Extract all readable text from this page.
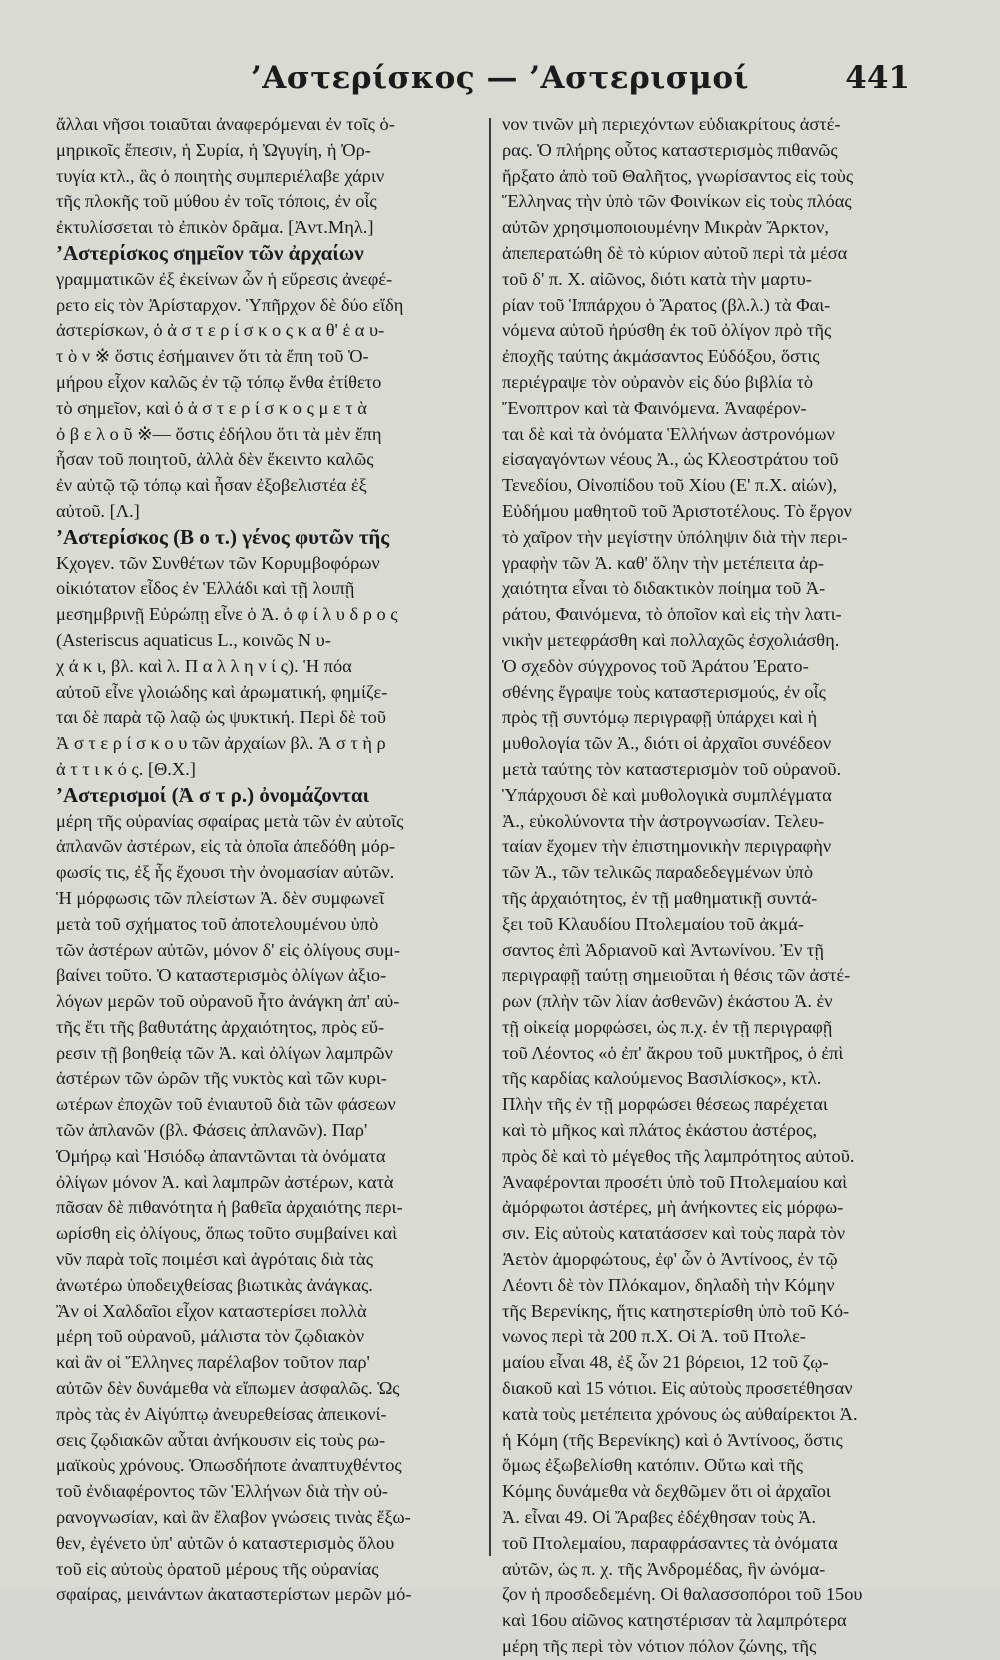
’Αστερίσκος — ’Αστερισμοί	441
ἄλλαι νῆσοι τοιαῦται ἀναφερόμεναι ἐν τοῖς ὁ-
μηρικοῖς ἔπεσιν, ἡ Συρία, ἡ Ὠγυγίη, ἡ Ὀρ-
τυγία κτλ., ἃς ὁ ποιητὴς συμπεριέλαβε χάριν
τῆς πλοκῆς τοῦ μύθου ἐν τοῖς τόποις, ἐν οἷς
ἐκτυλίσσεται τὸ ἐπικὸν δρᾶμα. [Ἀντ.Μηλ.]
’Αστερίσκος σημεῖον τῶν ἀρχαίων
γραμματικῶν ἐξ ἐκείνων ὧν ἡ εὕρεσις ἀνεφέ-
ρετο εἰς τὸν Ἀρίσταρχον. Ὑπῆρχον δὲ δύο εἴδη
ἀστερίσκων, ὁ ἀ σ τ ε ρ ί σ κ ο ς κ α θ' ἑ α υ-
τ ὸ ν ※ ὅστις ἐσήμαινεν ὅτι τὰ ἔπη τοῦ Ὁ-
μήρου εἶχον καλῶς ἐν τῷ τόπῳ ἔνθα ἐτίθετο
τὸ σημεῖον, καὶ ὁ ἀ σ τ ε ρ ί σ κ ο ς μ ε τ ὰ
ὀ β ε λ ο ῦ ※— ὅστις ἐδήλου ὅτι τὰ μὲν ἔπη
ἦσαν τοῦ ποιητοῦ, ἀλλὰ δὲν ἔκειντο καλῶς
ἐν αὐτῷ τῷ τόπῳ καὶ ἦσαν ἐξοβελιστέα ἐξ
αὐτοῦ. [Λ.]
’Αστερίσκος (Β ο τ.) γένος φυτῶν τῆς
Κχογεν. τῶν Συνθέτων τῶν Κορυμβοφόρων
οἰκιότατον εἶδος ἐν Ἑλλάδι καὶ τῇ λοιπῇ
μεσημβρινῇ Εὐρώπῃ εἶνε ὁ Ἀ. ὁ φ ί λ υ δ ρ ο ς
(Asteriscus aquaticus L., κοινῶς Ν υ-
χ ά κ ι, βλ. καὶ λ. Π α λ λ η ν ί ς). Ἡ πόα
αὐτοῦ εἶνε γλοιώδης καὶ ἀρωματική, φημίζε-
ται δὲ παρὰ τῷ λαῷ ὡς ψυκτική. Περὶ δὲ τοῦ
Ἀ σ τ ε ρ ί σ κ ο υ τῶν ἀρχαίων βλ. Ἀ σ τ ὴ ρ
ἀ τ τ ι κ ό ς. [Θ.Χ.]
’Αστερισμοί (Ἀ σ τ ρ.) ὀνομάζονται
μέρη τῆς οὐρανίας σφαίρας μετὰ τῶν ἐν αὐτοῖς
ἀπλανῶν ἀστέρων, εἰς τὰ ὁποῖα ἀπεδόθη μόρ-
φωσίς τις, ἐξ ἧς ἔχουσι τὴν ὀνομασίαν αὐτῶν.
Ἡ μόρφωσις τῶν πλείστων Ἀ. δὲν συμφωνεῖ
μετὰ τοῦ σχήματος τοῦ ἀποτελουμένου ὑπὸ
τῶν ἀστέρων αὐτῶν, μόνον δ' εἰς ὀλίγους συμ-
βαίνει τοῦτο. Ὁ καταστερισμὸς ὀλίγων ἀξιο-
λόγων μερῶν τοῦ οὐρανοῦ ἦτο ἀνάγκη ἀπ' αὐ-
τῆς ἔτι τῆς βαθυτάτης ἀρχαιότητος, πρὸς εὔ-
ρεσιν τῇ βοηθείᾳ τῶν Ἀ. καὶ ὀλίγων λαμπρῶν
ἀστέρων τῶν ὡρῶν τῆς νυκτὸς καὶ τῶν κυρι-
ωτέρων ἐποχῶν τοῦ ἐνιαυτοῦ διὰ τῶν φάσεων
τῶν ἀπλανῶν (βλ. Φάσεις ἀπλανῶν). Παρ'
Ὁμήρῳ καὶ Ἡσιόδῳ ἀπαντῶνται τὰ ὀνόματα
ὀλίγων μόνον Ἀ. καὶ λαμπρῶν ἀστέρων, κατὰ
πᾶσαν δὲ πιθανότητα ἡ βαθεῖα ἀρχαιότης περι-
ωρίσθη εἰς ὀλίγους, ὅπως τοῦτο συμβαίνει καὶ
νῦν παρὰ τοῖς ποιμέσι καὶ ἀγρόταις διὰ τὰς
ἀνωτέρω ὑποδειχθείσας βιωτικὰς ἀνάγκας.
Ἂν οἱ Χαλδαῖοι εἶχον καταστερίσει πολλὰ
μέρη τοῦ οὐρανοῦ, μάλιστα τὸν ζῳδιακὸν
καὶ ἂν οἱ Ἕλληνες παρέλαβον τοῦτον παρ'
αὐτῶν δὲν δυνάμεθα νὰ εἴπωμεν ἀσφαλῶς. Ὡς
πρὸς τὰς ἐν Αἰγύπτῳ ἀνευρεθείσας ἀπεικονί-
σεις ζῳδιακῶν αὗται ἀνήκουσιν εἰς τοὺς ρω-
μαϊκοὺς χρόνους. Ὁπωσδήποτε ἀναπτυχθέντος
τοῦ ἐνδιαφέροντος τῶν Ἑλλήνων διὰ τὴν οὐ-
ρανογνωσίαν, καὶ ἂν ἔλαβον γνώσεις τινὰς ἔξω-
θεν, ἐγένετο ὑπ' αὐτῶν ὁ καταστερισμὸς ὅλου
τοῦ εἰς αὐτοὺς ὁρατοῦ μέρους τῆς οὐρανίας
σφαίρας, μεινάντων ἀκαταστερίστων μερῶν μό-
νον τινῶν μὴ περιεχόντων εὐδιακρίτους ἀστέ-
ρας. Ὁ πλήρης οὗτος καταστερισμὸς πιθανῶς
ἤρξατο ἀπὸ τοῦ Θαλῆτος, γνωρίσαντος εἰς τοὺς
Ἕλληνας τὴν ὑπὸ τῶν Φοινίκων εἰς τοὺς πλόας
αὐτῶν χρησιμοποιουμένην Μικρὰν Ἄρκτον,
ἀπεπερατώθη δὲ τὸ κύριον αὐτοῦ περὶ τὰ μέσα
τοῦ δ' π. Χ. αἰῶνος, διότι κατὰ τὴν μαρτυ-
ρίαν τοῦ Ἱππάρχου ὁ Ἄρατος (βλ.λ.) τὰ Φαι-
νόμενα αὐτοῦ ἠρύσθη ἐκ τοῦ ὀλίγον πρὸ τῆς
ἐποχῆς ταύτης ἀκμάσαντος Εὐδόξου, ὅστις
περιέγραψε τὸν οὐρανὸν εἰς δύο βιβλία τὸ
Ἔνοπτρον καὶ τὰ Φαινόμενα. Ἀναφέρον-
ται δὲ καὶ τὰ ὀνόματα Ἑλλήνων ἀστρονόμων
εἰσαγαγόντων νέους Ἀ., ὡς Κλεοστράτου τοῦ
Τενεδίου, Οἰνοπίδου τοῦ Χίου (Ε' π.Χ. αἰών),
Εὐδήμου μαθητοῦ τοῦ Ἀριστοτέλους. Τὸ ἔργον
τὸ χαῖρον τὴν μεγίστην ὑπόληψιν διὰ τὴν περι-
γραφὴν τῶν Ἀ. καθ' ὅλην τὴν μετέπειτα ἀρ-
χαιότητα εἶναι τὸ διδακτικὸν ποίημα τοῦ Ἀ-
ράτου, Φαινόμενα, τὸ ὁποῖον καὶ εἰς τὴν λατι-
νικὴν μετεφράσθη καὶ πολλαχῶς ἐσχολιάσθη.
Ὁ σχεδὸν σύγχρονος τοῦ Ἀράτου Ἐρατο-
σθένης ἔγραψε τοὺς καταστερισμούς, ἐν οἷς
πρὸς τῇ συντόμῳ περιγραφῇ ὑπάρχει καὶ ἡ
μυθολογία τῶν Ἀ., διότι οἱ ἀρχαῖοι συνέδεον
μετὰ ταύτης τὸν καταστερισμὸν τοῦ οὐρανοῦ.
Ὑπάρχουσι δὲ καὶ μυθολογικὰ συμπλέγματα
Ἀ., εὐκολύνοντα τὴν ἀστρογνωσίαν. Τελευ-
ταίαν ἔχομεν τὴν ἐπιστημονικὴν περιγραφὴν
τῶν Ἀ., τῶν τελικῶς παραδεδεγμένων ὑπὸ
τῆς ἀρχαιότητος, ἐν τῇ μαθηματικῇ συντά-
ξει τοῦ Κλαυδίου Πτολεμαίου τοῦ ἀκμά-
σαντος ἐπὶ Ἀδριανοῦ καὶ Ἀντωνίνου. Ἐν τῇ
περιγραφῇ ταύτῃ σημειοῦται ἡ θέσις τῶν ἀστέ-
ρων (πλὴν τῶν λίαν ἀσθενῶν) ἑκάστου Ἀ. ἐν
τῇ οἰκείᾳ μορφώσει, ὡς π.χ. ἐν τῇ περιγραφῇ
τοῦ Λέοντος «ὁ ἐπ' ἄκρου τοῦ μυκτῆρος, ὁ ἐπὶ
τῆς καρδίας καλούμενος Βασιλίσκος», κτλ.
Πλὴν τῆς ἐν τῇ μορφώσει θέσεως παρέχεται
καὶ τὸ μῆκος καὶ πλάτος ἑκάστου ἀστέρος,
πρὸς δὲ καὶ τὸ μέγεθος τῆς λαμπρότητος αὐτοῦ.
Ἀναφέρονται προσέτι ὑπὸ τοῦ Πτολεμαίου καὶ
ἀμόρφωτοι ἀστέρες, μὴ ἀνήκοντες εἰς μόρφω-
σιν. Εἰς αὐτοὺς κατατάσσεν καὶ τοὺς παρὰ τὸν
Ἀετὸν ἀμορφώτους, ἐφ' ὧν ὁ Ἀντίνοος, ἐν τῷ
Λέοντι δὲ τὸν Πλόκαμον, δηλαδὴ τὴν Κόμην
τῆς Βερενίκης, ἥτις κατηστερίσθη ὑπὸ τοῦ Κό-
νωνος περὶ τὰ 200 π.Χ. Οἱ Ἀ. τοῦ Πτολε-
μαίου εἶναι 48, ἐξ ὧν 21 βόρειοι, 12 τοῦ ζῳ-
διακοῦ καὶ 15 νότιοι. Εἰς αὐτοὺς προσετέθησαν
κατὰ τοὺς μετέπειτα χρόνους ὡς αὐθαίρεκτοι Ἀ.
ἡ Κόμη (τῆς Βερενίκης) καὶ ὁ Ἀντίνοος, ὅστις
ὅμως ἐξωβελίσθη κατόπιν. Οὕτω καὶ τῆς
Κόμης δυνάμεθα νὰ δεχθῶμεν ὅτι οἱ ἀρχαῖοι
Ἀ. εἶναι 49. Οἱ Ἄραβες ἐδέχθησαν τοὺς Ἀ.
τοῦ Πτολεμαίου, παραφράσαντες τὰ ὀνόματα
αὐτῶν, ὡς π. χ. τῆς Ἀνδρομέδας, ἣν ὠνόμα-
ζον ἡ προσδεδεμένη. Οἱ θαλασσοπόροι τοῦ 15ου
καὶ 16ου αἰῶνος κατηστέρισαν τὰ λαμπρότερα
μέρη τῆς περὶ τὸν νότιον πόλον ζώνης, τῆς
